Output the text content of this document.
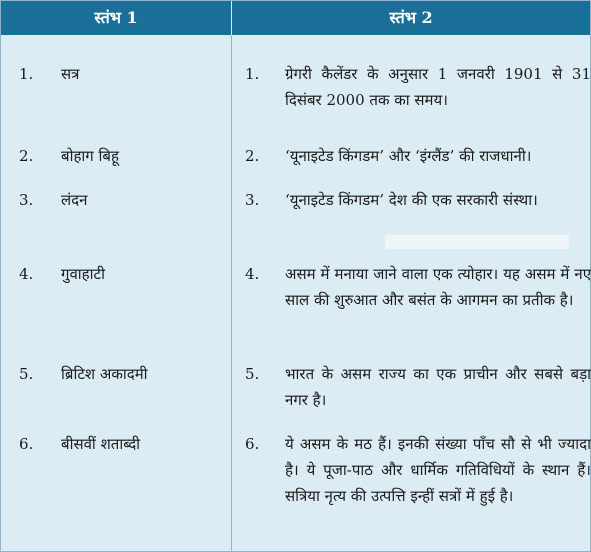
स्तंभ 1	स्तंभ 2
1.	सत्र	1.	ग्रेगरी कैलेंडर के अनुसार 1 जनवरी 1901 से 31 दिसंबर 2000 तक का समय।
2.	बोहाग बिहू	2.	‘यूनाइटेड किंगडम’ और ‘इंग्लैंड’ की राजधानी।
3.	लंदन	3.	‘यूनाइटेड किंगडम’ देश की एक सरकारी संस्था।
4.	गुवाहाटी	4.	असम में मनाया जाने वाला एक त्योहार। यह असम में नए साल की शुरुआत और बसंत के आगमन का प्रतीक है।
5.	ब्रिटिश अकादमी	5.	भारत के असम राज्य का एक प्राचीन और सबसे बड़ा नगर है।
6.	बीसवीं शताब्दी	6.	ये असम के मठ हैं। इनकी संख्या पाँच सौ से भी ज्यादा है। ये पूजा-पाठ और धार्मिक गतिविधियों के स्थान हैं। सत्रिया नृत्य की उत्पत्ति इन्हीं सत्रों में हुई है।
